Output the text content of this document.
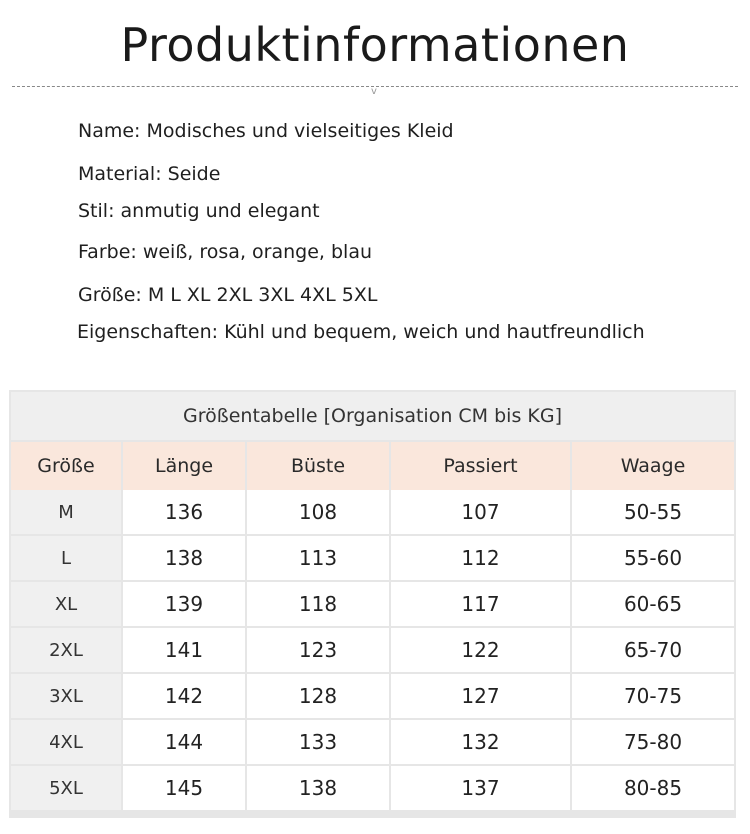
Produktinformationen
v
Name: Modisches und vielseitiges Kleid
Material: Seide
Stil: anmutig und elegant
Farbe: weiß, rosa, orange, blau
Größe: M L XL 2XL 3XL 4XL 5XL
Eigenschaften: Kühl und bequem, weich und hautfreundlich
Größentabelle [Organisation CM bis KG]
Größe	Länge	Büste	Passiert	Waage
M	136	108	107	50-55
L	138	113	112	55-60
XL	139	118	117	60-65
2XL	141	123	122	65-70
3XL	142	128	127	70-75
4XL	144	133	132	75-80
5XL	145	138	137	80-85
